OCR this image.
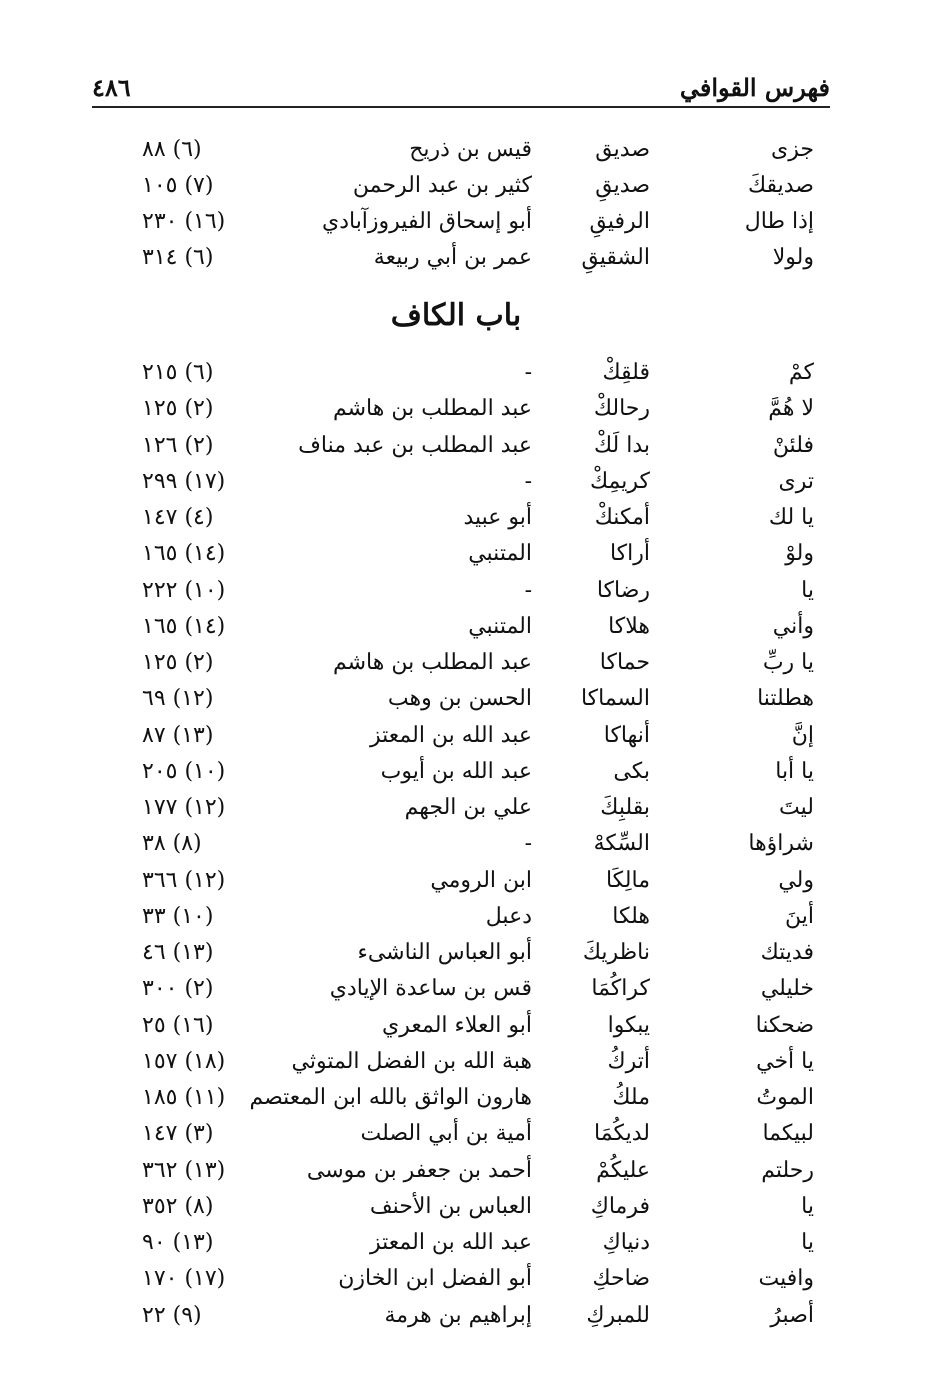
فهرس القوافي
٤٨٦
باب الكاف
جزى
صديق
قيس بن ذريح
(٦) ٨٨
صديقكَ
صديقِ
كثير بن عبد الرحمن
(٧) ١٠٥
إذا طال
الرفيقِ
أبو إسحاق الفيروزآبادي
(١٦) ٢٣٠
ولولا
الشقيقِ
عمر بن أبي ربيعة
(٦) ٣١٤
كمْ
قلقِكْ
-
(٦) ٢١٥
لا هُمَّ
رحالكْ
عبد المطلب بن هاشم
(٢) ١٢٥
فلئنْ
بدا لَكْ
عبد المطلب بن عبد مناف
(٢) ١٢٦
ترى
كريمِكْ
-
(١٧) ٢٩٩
يا لك
أمكنكْ
أبو عبيد
(٤) ١٤٧
ولوْ
أراكا
المتنبي
(١٤) ١٦٥
يا
رضاكا
-
(١٠) ٢٢٢
وأني
هلاكا
المتنبي
(١٤) ١٦٥
يا ربِّ
حماكا
عبد المطلب بن هاشم
(٢) ١٢٥
هطلتنا
السماكا
الحسن بن وهب
(١٢) ٦٩
إنَّ
أنهاكا
عبد الله بن المعتز
(١٣) ٨٧
يا أبا
بكى
عبد الله بن أيوب
(١٠) ٢٠٥
ليتَ
بقلبِكَ
علي بن الجهم
(١٢) ١٧٧
شراؤها
السِّكهْ
-
(٨) ٣٨
ولي
مالِكَا
ابن الرومي
(١٢) ٣٦٦
أينَ
هلكا
دعبل
(١٠) ٣٣
فديتك
ناظريكَ
أبو العباس الناشىء
(١٣) ٤٦
خليلي
كراكُمَا
قس بن ساعدة الإيادي
(٢) ٣٠٠
ضحكنا
يبكوا
أبو العلاء المعري
(١٦) ٢٥
يا أخي
أتركُ
هبة الله بن الفضل المتوثي
(١٨) ١٥٧
الموتُ
ملكُ
هارون الواثق بالله ابن المعتصم
(١١) ١٨٥
لبيكما
لديكُمَا
أمية بن أبي الصلت
(٣) ١٤٧
رحلتم
عليكُمْ
أحمد بن جعفر بن موسى
(١٣) ٣٦٢
يا
فرماكِ
العباس بن الأحنف
(٨) ٣٥٢
يا
دنياكِ
عبد الله بن المعتز
(١٣) ٩٠
وافيت
ضاحكِ
أبو الفضل ابن الخازن
(١٧) ١٧٠
أصبرُ
للمبركِ
إبراهيم بن هرمة
(٩) ٢٢
